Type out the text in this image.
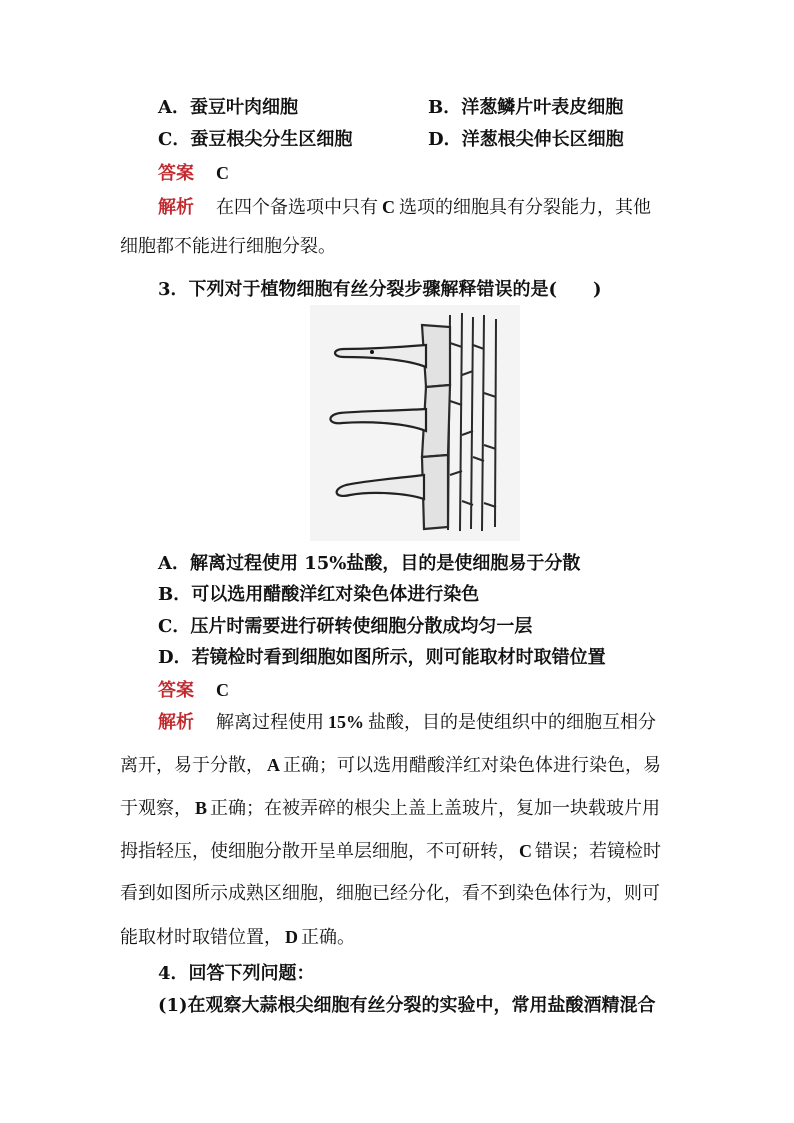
A．蚕豆叶肉细胞	B．洋葱鳞片叶表皮细胞
C．蚕豆根尖分生区细胞	D．洋葱根尖伸长区细胞
答案 C
解析 在四个备选项中只有 C 选项的细胞具有分裂能力，其他
细胞都不能进行细胞分裂。
3．下列对于植物细胞有丝分裂步骤解释错误的是(　　)
A．解离过程使用 15%盐酸，目的是使细胞易于分散
B．可以选用醋酸洋红对染色体进行染色
C．压片时需要进行研转使细胞分散成均匀一层
D．若镜检时看到细胞如图所示，则可能取材时取错位置
答案 C
解析 解离过程使用 15% 盐酸，目的是使组织中的细胞互相分
离开，易于分散， A 正确；可以选用醋酸洋红对染色体进行染色，易
于观察， B 正确；在被弄碎的根尖上盖上盖玻片，复加一块载玻片用
拇指轻压，使细胞分散开呈单层细胞，不可研转， C 错误；若镜检时
看到如图所示成熟区细胞，细胞已经分化，看不到染色体行为，则可
能取材时取错位置， D 正确。
4．回答下列问题：
(1)在观察大蒜根尖细胞有丝分裂的实验中，常用盐酸酒精混合
